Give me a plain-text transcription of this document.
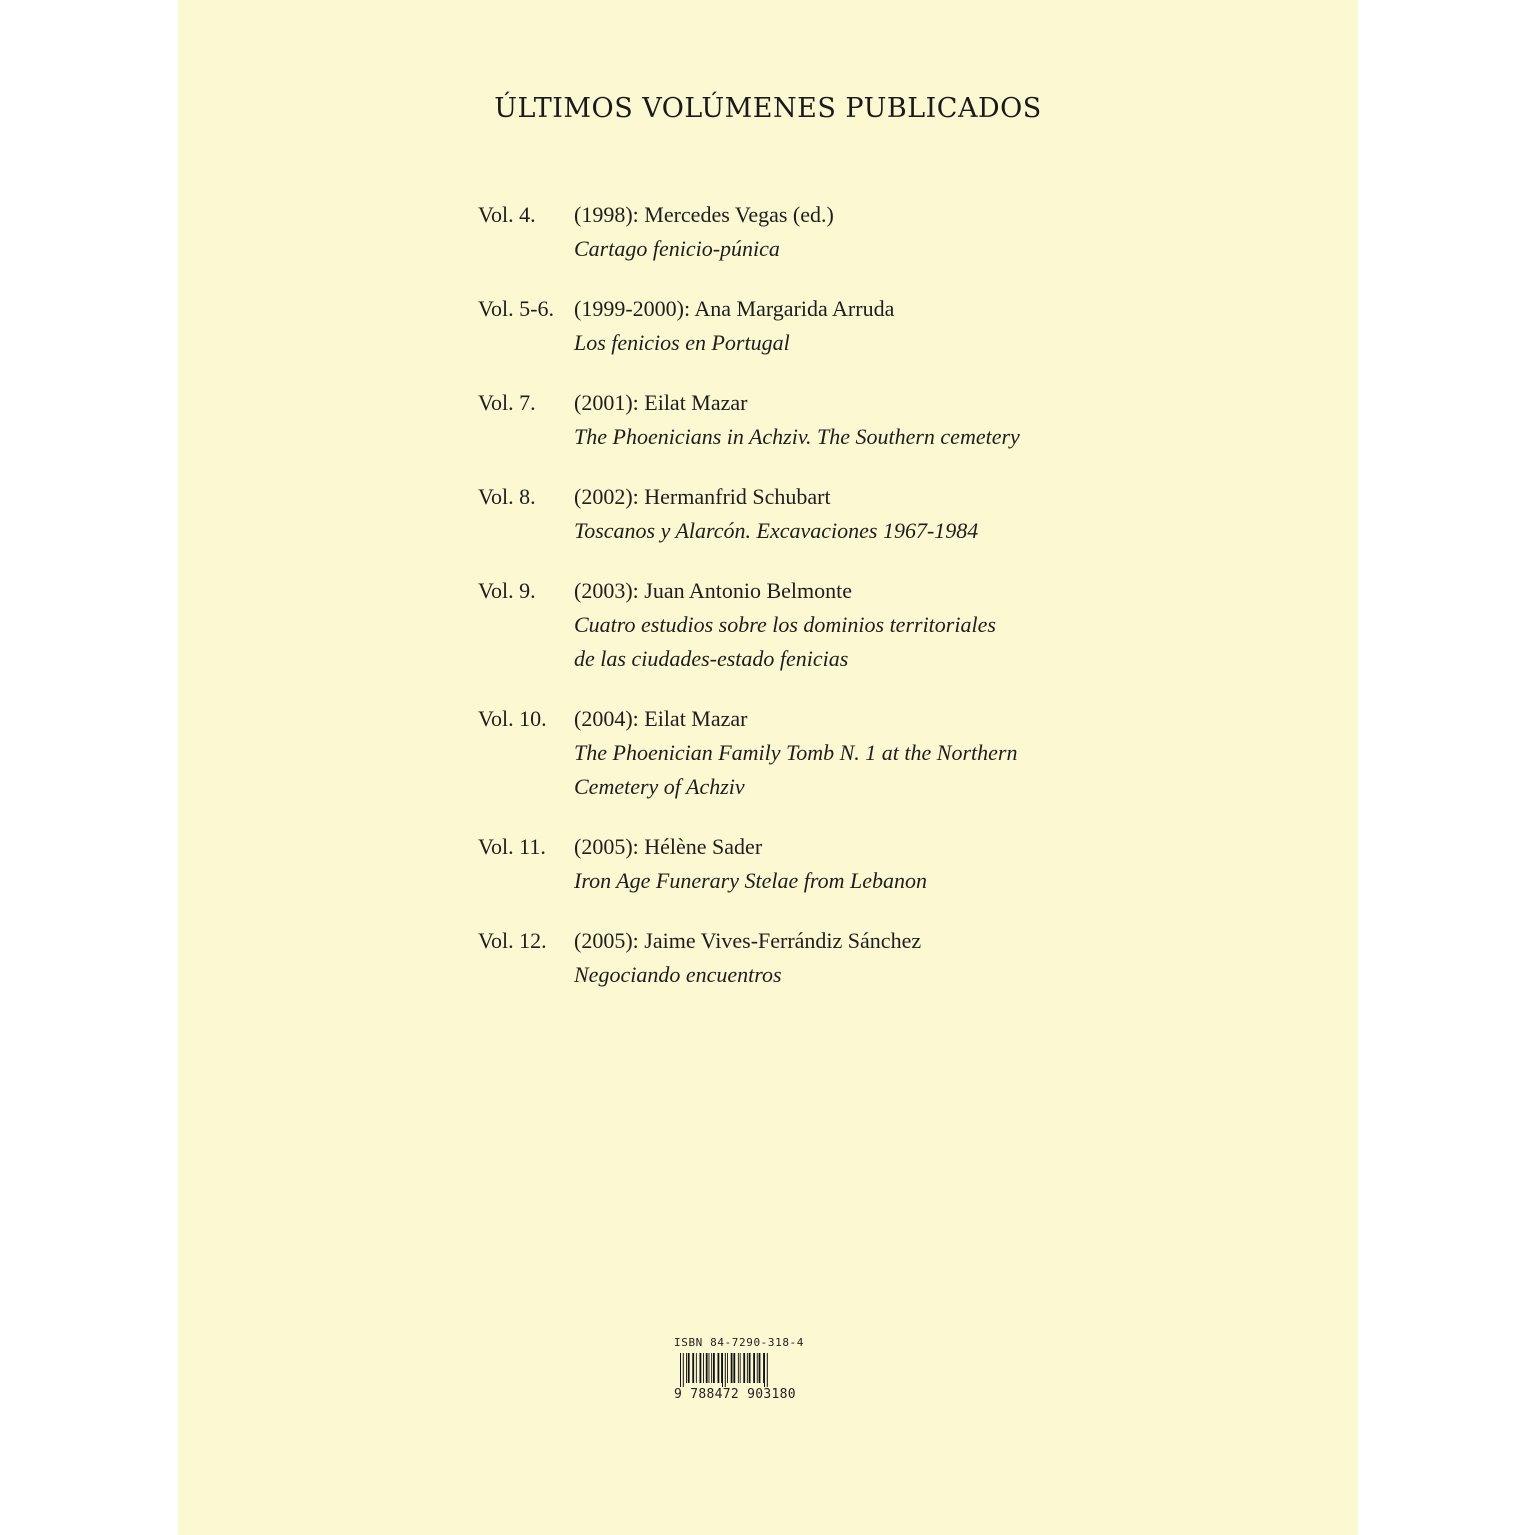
ÚLTIMOS VOLÚMENES PUBLICADOS
Vol. 4.	(1998): Mercedes Vegas (ed.)
Cartago fenicio-púnica
Vol. 5-6. (1999-2000): Ana Margarida Arruda
Los fenicios en Portugal
Vol. 7.	(2001): Eilat Mazar
The Phoenicians in Achziv. The Southern cemetery
Vol. 8.	(2002): Hermanfrid Schubart
Toscanos y Alarcón. Excavaciones 1967-1984
Vol. 9.	(2003): Juan Antonio Belmonte
Cuatro estudios sobre los dominios territoriales
de las ciudades-estado fenicias
Vol. 10.	(2004): Eilat Mazar
The Phoenician Family Tomb N. 1 at the Northern
Cemetery of Achziv
Vol. 11.	(2005): Hélène Sader
Iron Age Funerary Stelae from Lebanon
Vol. 12.	(2005): Jaime Vives-Ferrándiz Sánchez
Negociando encuentros
ISBN 84-7290-318-4
9 788472 903180
